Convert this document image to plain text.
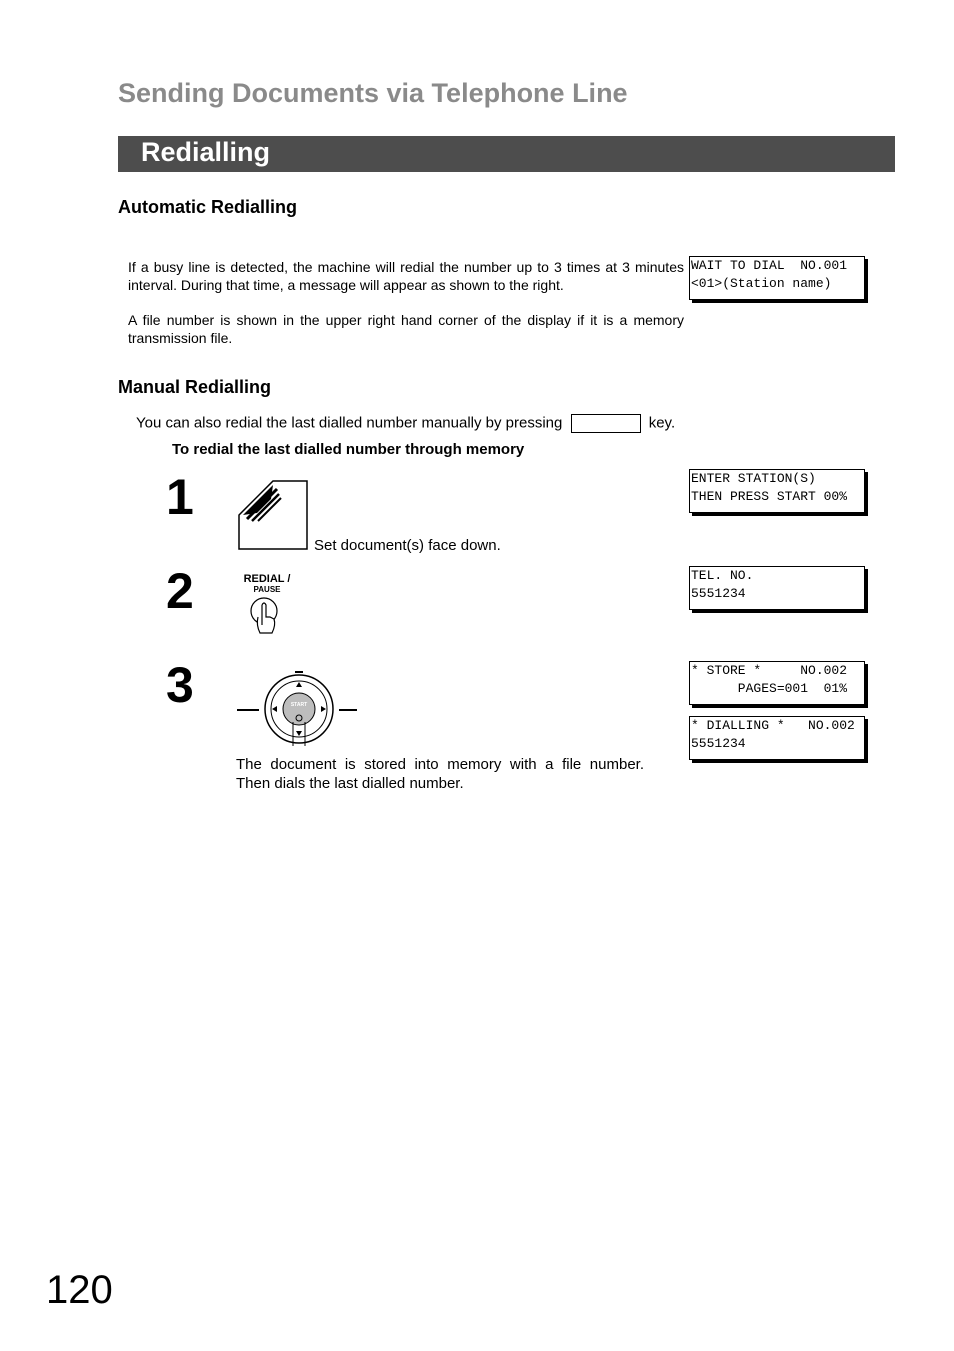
Sending Documents via Telephone Line
Redialling
Automatic Redialling
If a busy line is detected, the machine will redial the number up to 3 times at 3 minutes interval. During that time, a message will appear as shown to the right.
A file number is shown in the upper right hand corner of the display if it is a memory transmission file.
WAIT TO DIAL  NO.001
<01>(Station name)
Manual Redialling
You can also redial the last dialled number manually by pressing	key.
To redial the last dialled number through memory
1
Set document(s) face down.
ENTER STATION(S)
THEN PRESS START 00%
2	REDIAL /
PAUSE
TEL. NO.
5551234
3	START
The document is stored into memory with a file number.
Then dials the last dialled number.
* STORE *     NO.002
PAGES=001  01%
* DIALLING *   NO.002
5551234
120
